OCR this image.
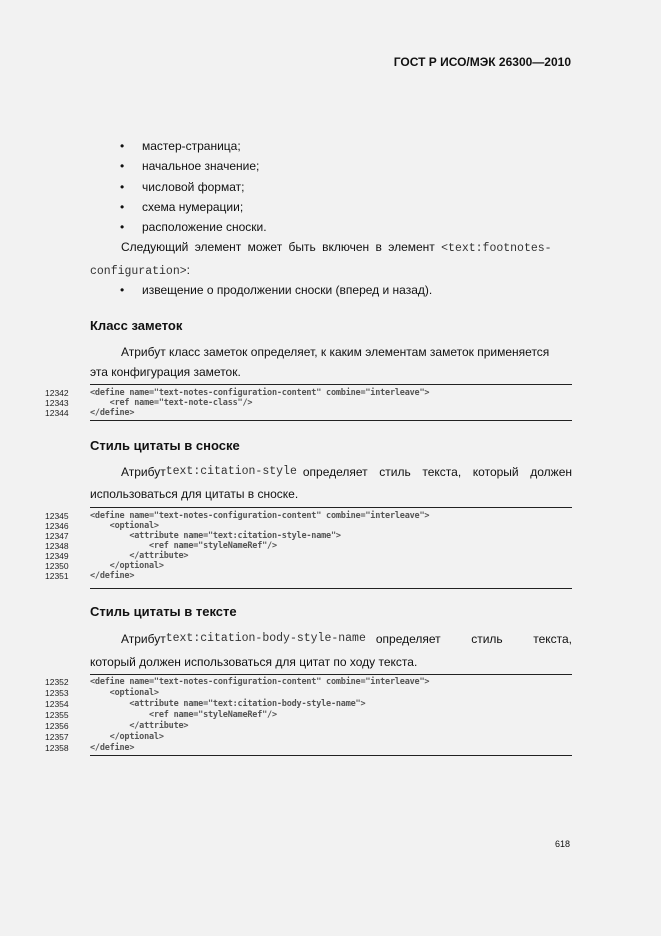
ГОСТ Р ИСО/МЭК 26300—2010
• мастер-страница;
• начальное значение;
• числовой формат;
• схема нумерации;
• расположение сноски.
Следующий элемент может быть включен в элемент <text:footnotes-
configuration>:
• извещение о продолжении сноски (вперед и назад).
Класс заметок
Атрибут класс заметок определяет, к каким элементам заметок применяется
эта конфигурация заметок.
12342	<define name="text-notes-configuration-content" combine="interleave">
12343	<ref name="text-note-class"/>
12344	</define>
Стиль цитаты в сноске
Атрибут text:citation-style определяет стиль текста, который должен
использоваться для цитаты в сноске.
12345	<define name="text-notes-configuration-content" combine="interleave">
12346	<optional>
12347	<attribute name="text:citation-style-name">
12348	<ref name="styleNameRef"/>
12349	</attribute>
12350	</optional>
12351	</define>
Стиль цитаты в тексте
Атрибут text:citation-body-style-name определяет стиль текста,
который должен использоваться для цитат по ходу текста.
12352	<define name="text-notes-configuration-content" combine="interleave">
12353	<optional>
12354	<attribute name="text:citation-body-style-name">
12355	<ref name="styleNameRef"/>
12356	</attribute>
12357	</optional>
12358	</define>
618
